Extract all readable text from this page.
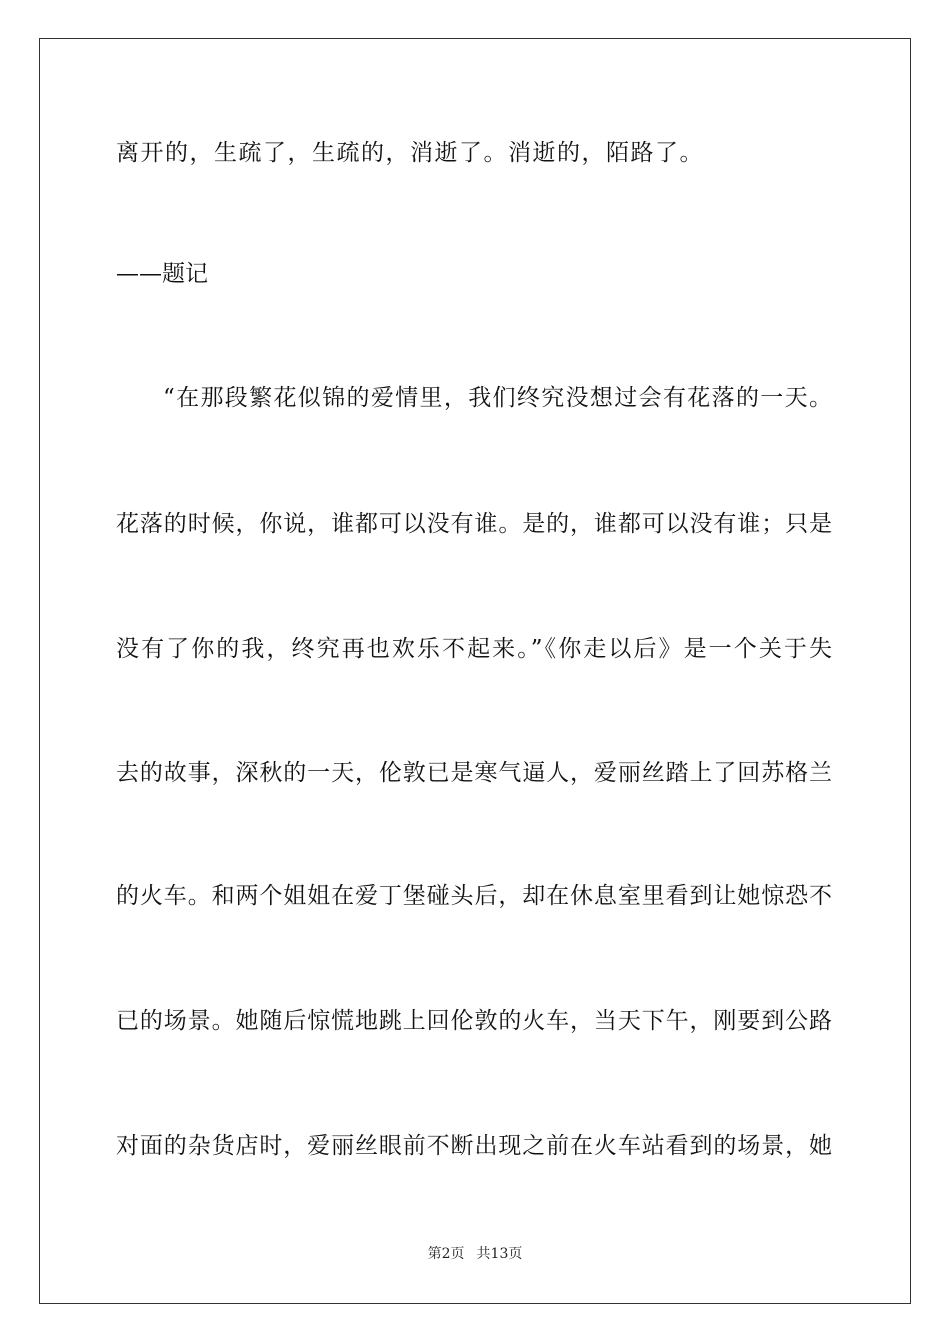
离开的，生疏了，生疏的，消逝了。消逝的，陌路了。
——题记
“在那段繁花似锦的爱情里，我们终究没想过会有花落的一天。
花落的时候，你说，谁都可以没有谁。是的，谁都可以没有谁；只是
没有了你的我，终究再也欢乐不起来。”《你走以后》是一个关于失
去的故事，深秋的一天，伦敦已是寒气逼人，爱丽丝踏上了回苏格兰
的火车。和两个姐姐在爱丁堡碰头后，却在休息室里看到让她惊恐不
已的场景。她随后惊慌地跳上回伦敦的火车，当天下午，刚要到公路
对面的杂货店时，爱丽丝眼前不断出现之前在火车站看到的场景，她
第2页 共13页
